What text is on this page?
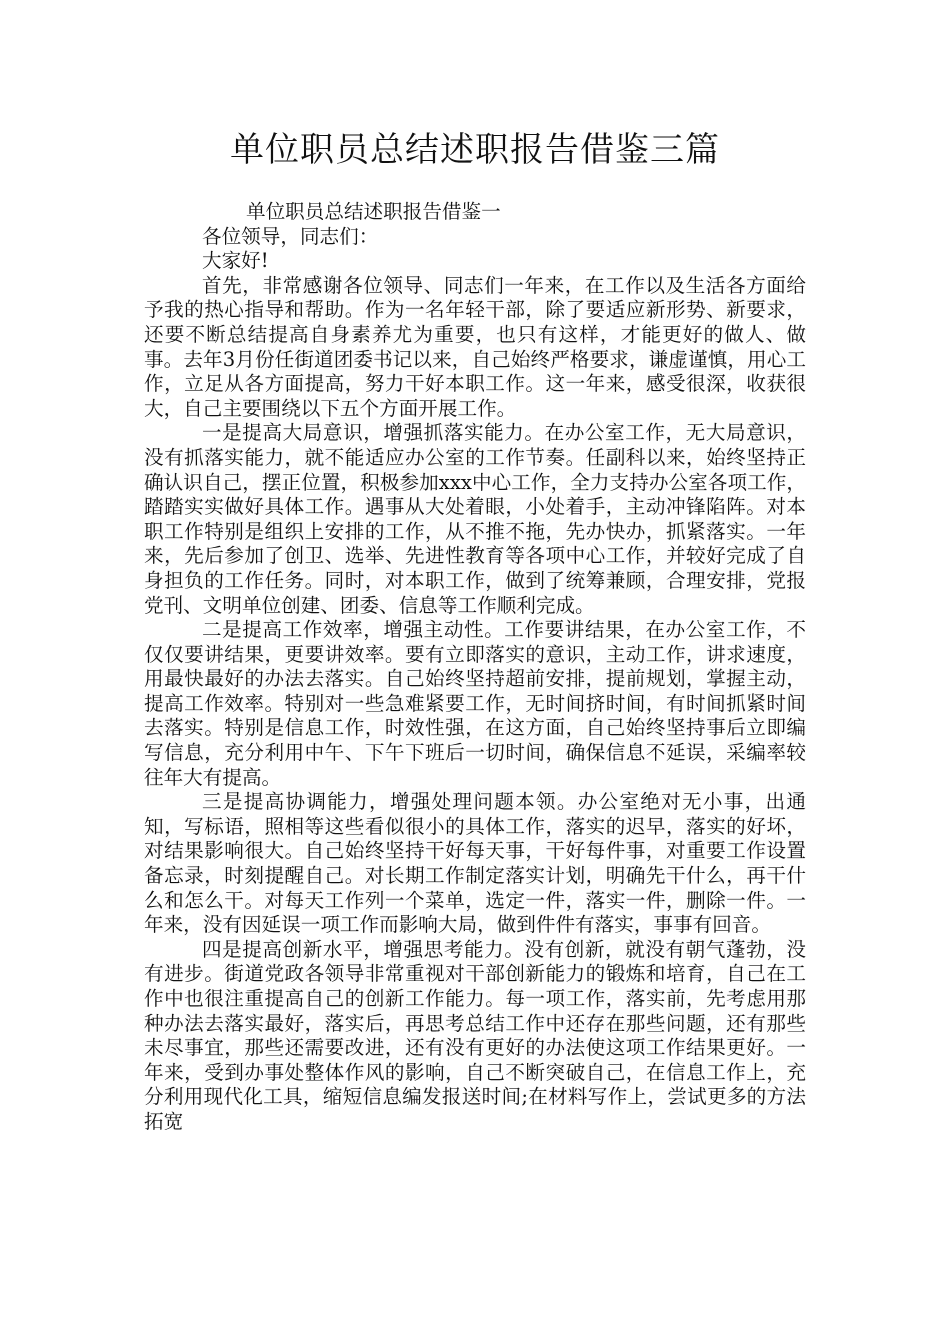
单位职员总结述职报告借鉴三篇
单位职员总结述职报告借鉴一

各位领导，同志们：

大家好!

首先，非常感谢各位领导、同志们一年来，在工作以及生活各方面给予我的热心指导和帮助。作为一名年轻干部，除了要适应新形势、新要求，还要不断总结提高自身素养尤为重要，也只有这样，才能更好的做人、做事。去年3月份任街道团委书记以来，自己始终严格要求，谦虚谨慎，用心工作，立足从各方面提高，努力干好本职工作。这一年来，感受很深，收获很大，自己主要围绕以下五个方面开展工作。

一是提高大局意识，增强抓落实能力。在办公室工作，无大局意识，没有抓落实能力，就不能适应办公室的工作节奏。任副科以来，始终坚持正确认识自己，摆正位置，积极参加xxx中心工作，全力支持办公室各项工作，踏踏实实做好具体工作。遇事从大处着眼，小处着手，主动冲锋陷阵。对本职工作特别是组织上安排的工作，从不推不拖，先办快办，抓紧落实。一年来，先后参加了创卫、选举、先进性教育等各项中心工作，并较好完成了自身担负的工作任务。同时，对本职工作，做到了统筹兼顾，合理安排，党报党刊、文明单位创建、团委、信息等工作顺利完成。

二是提高工作效率，增强主动性。工作要讲结果，在办公室工作，不仅仅要讲结果，更要讲效率。要有立即落实的意识，主动工作，讲求速度，用最快最好的办法去落实。自己始终坚持超前安排，提前规划，掌握主动，提高工作效率。特别对一些急难紧要工作，无时间挤时间，有时间抓紧时间去落实。特别是信息工作，时效性强，在这方面，自己始终坚持事后立即编写信息，充分利用中午、下午下班后一切时间，确保信息不延误，采编率较往年大有提高。

三是提高协调能力，增强处理问题本领。办公室绝对无小事，出通知，写标语，照相等这些看似很小的具体工作，落实的迟早，落实的好坏，对结果影响很大。自己始终坚持干好每天事，干好每件事，对重要工作设置备忘录，时刻提醒自己。对长期工作制定落实计划，明确先干什么，再干什么和怎么干。对每天工作列一个菜单，选定一件，落实一件，删除一件。一年来，没有因延误一项工作而影响大局，做到件件有落实，事事有回音。

四是提高创新水平，增强思考能力。没有创新，就没有朝气蓬勃，没有进步。街道党政各领导非常重视对干部创新能力的锻炼和培育，自己在工作中也很注重提高自己的创新工作能力。每一项工作，落实前，先考虑用那种办法去落实最好，落实后，再思考总结工作中还存在那些问题，还有那些未尽事宜，那些还需要改进，还有没有更好的办法使这项工作结果更好。一年来，受到办事处整体作风的影响，自己不断突破自己，在信息工作上，充分利用现代化工具，缩短信息编发报送时间;在材料写作上，尝试更多的方法拓宽
